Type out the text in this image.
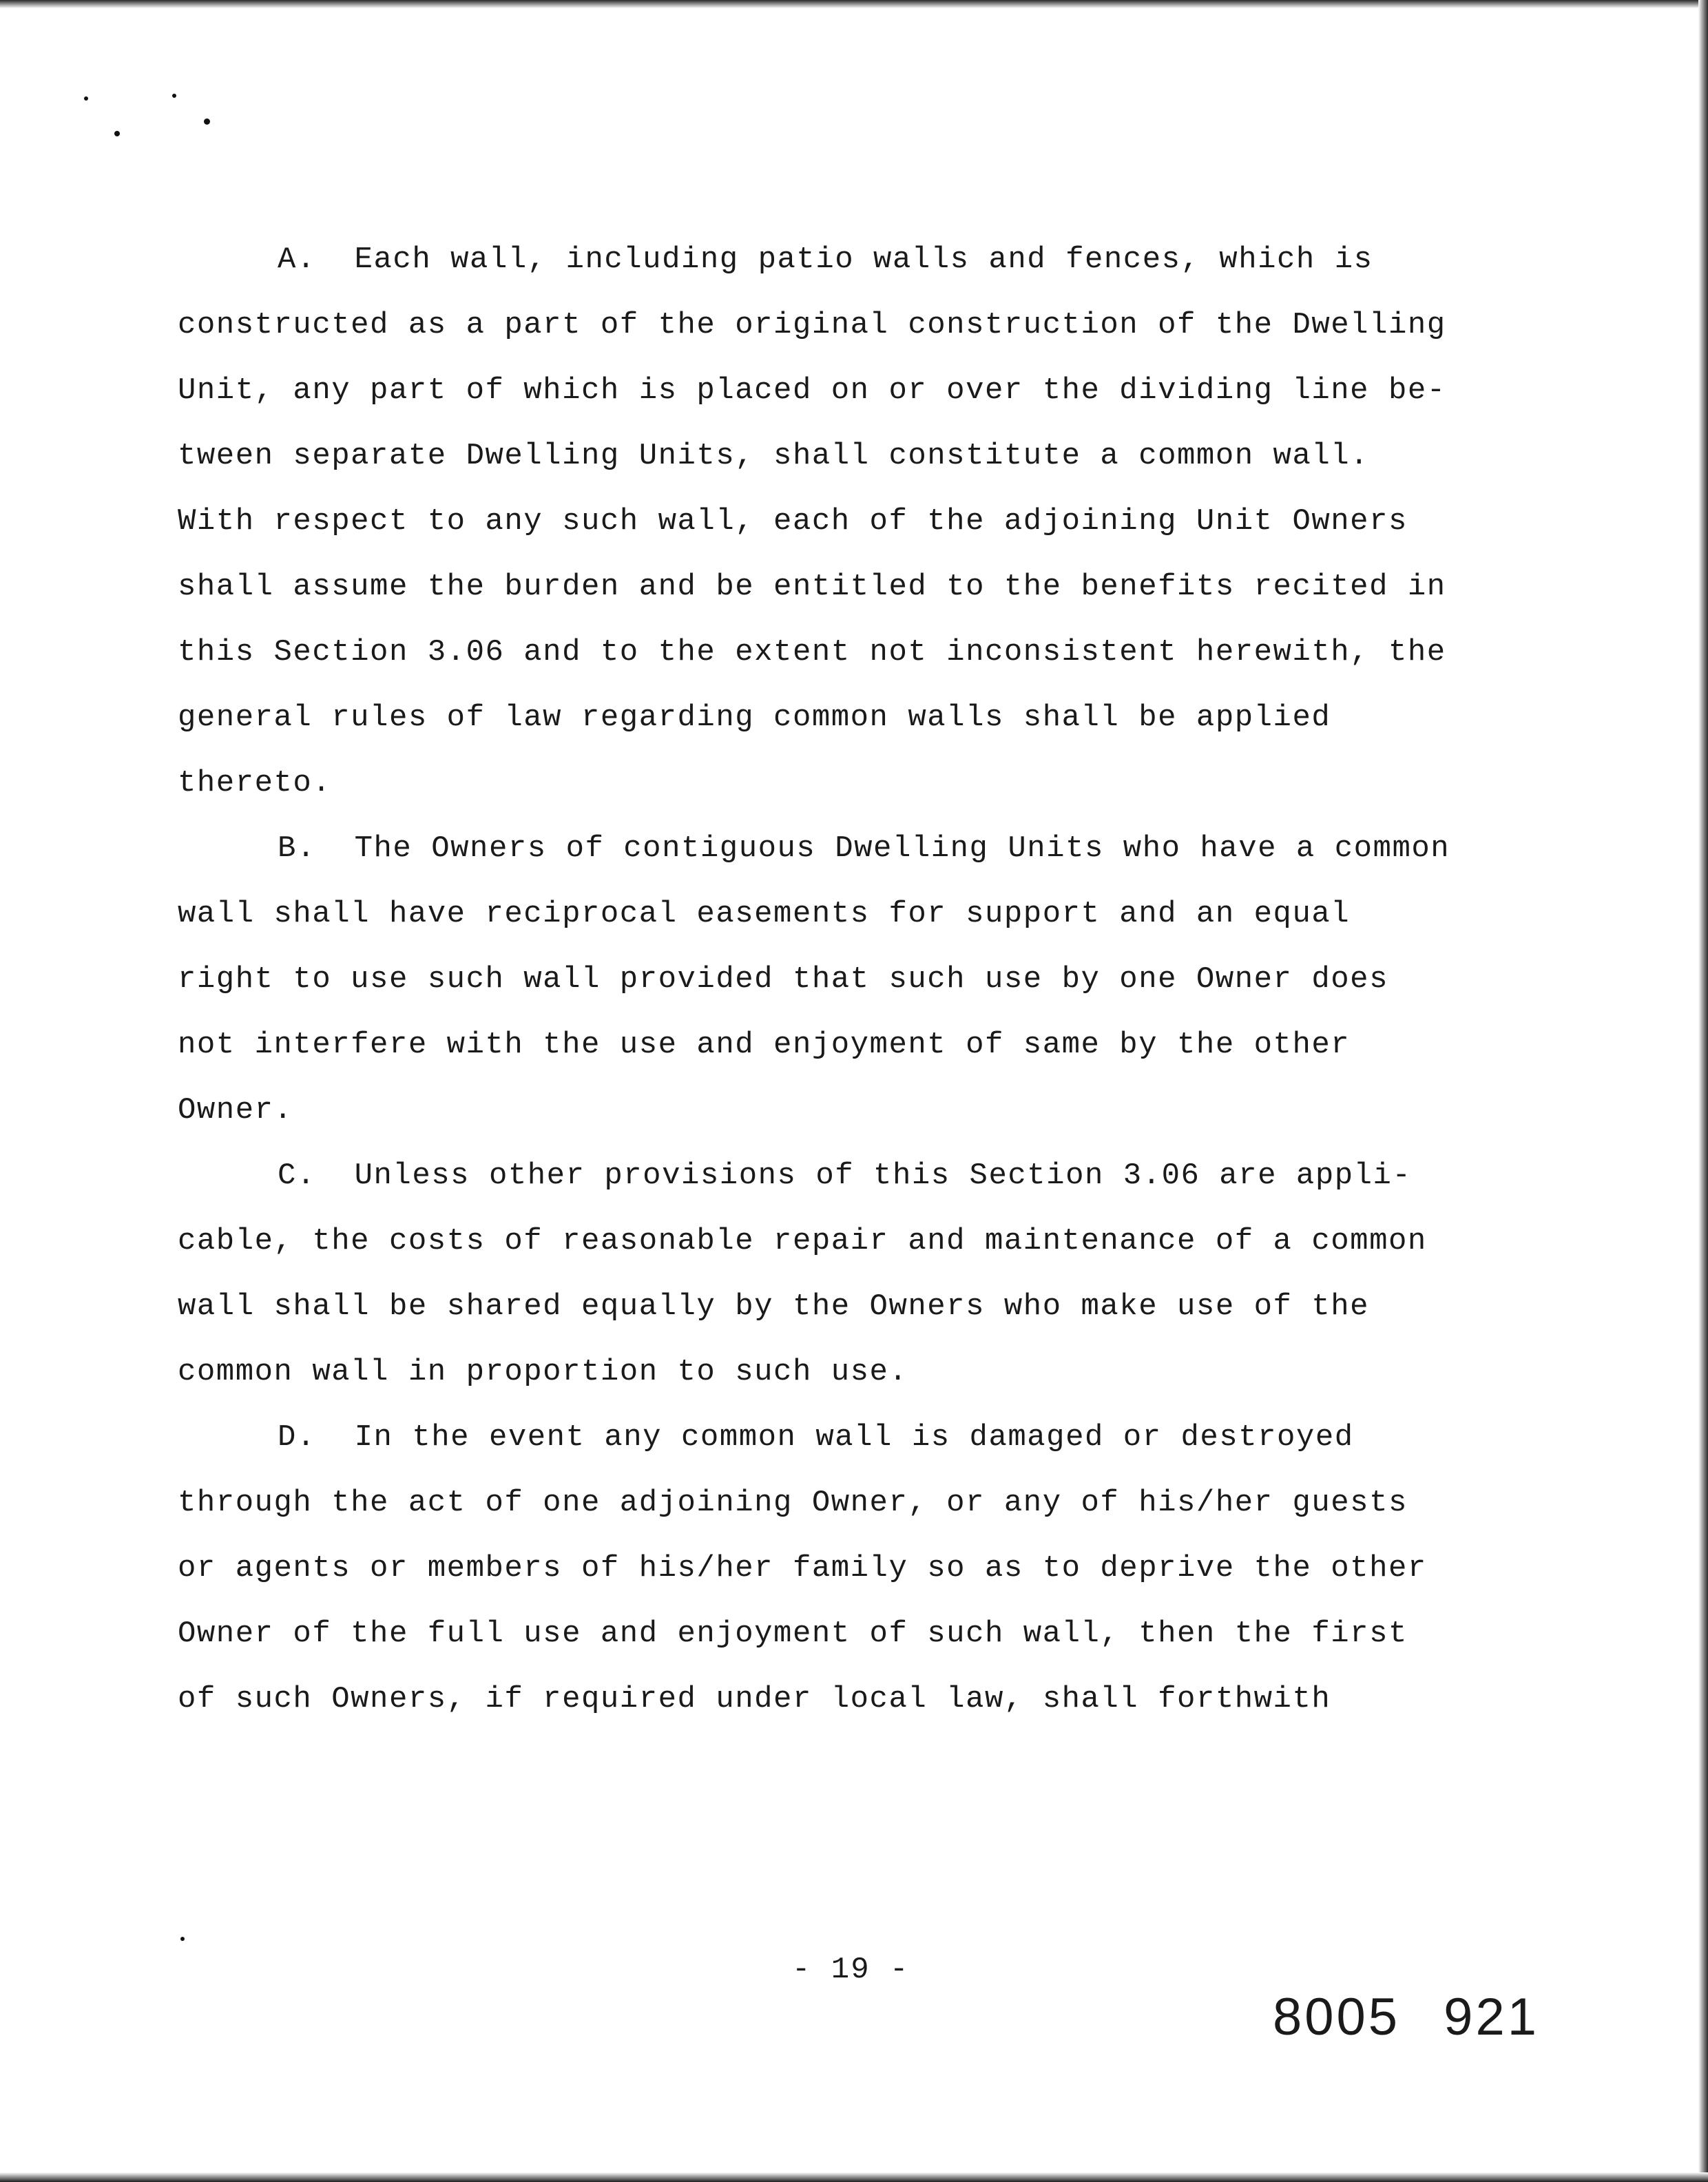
A.  Each wall, including patio walls and fences, which is
constructed as a part of the original construction of the Dwelling
Unit, any part of which is placed on or over the dividing line be-
tween separate Dwelling Units, shall constitute a common wall.
With respect to any such wall, each of the adjoining Unit Owners
shall assume the burden and be entitled to the benefits recited in
this Section 3.06 and to the extent not inconsistent herewith, the
general rules of law regarding common walls shall be applied
thereto.
B.  The Owners of contiguous Dwelling Units who have a common
wall shall have reciprocal easements for support and an equal
right to use such wall provided that such use by one Owner does
not interfere with the use and enjoyment of same by the other
Owner.
C.  Unless other provisions of this Section 3.06 are appli-
cable, the costs of reasonable repair and maintenance of a common
wall shall be shared equally by the Owners who make use of the
common wall in proportion to such use.
D.  In the event any common wall is damaged or destroyed
through the act of one adjoining Owner, or any of his/her guests
or agents or members of his/her family so as to deprive the other
Owner of the full use and enjoyment of such wall, then the first
of such Owners, if required under local law, shall forthwith
- 19 -
8005 921
